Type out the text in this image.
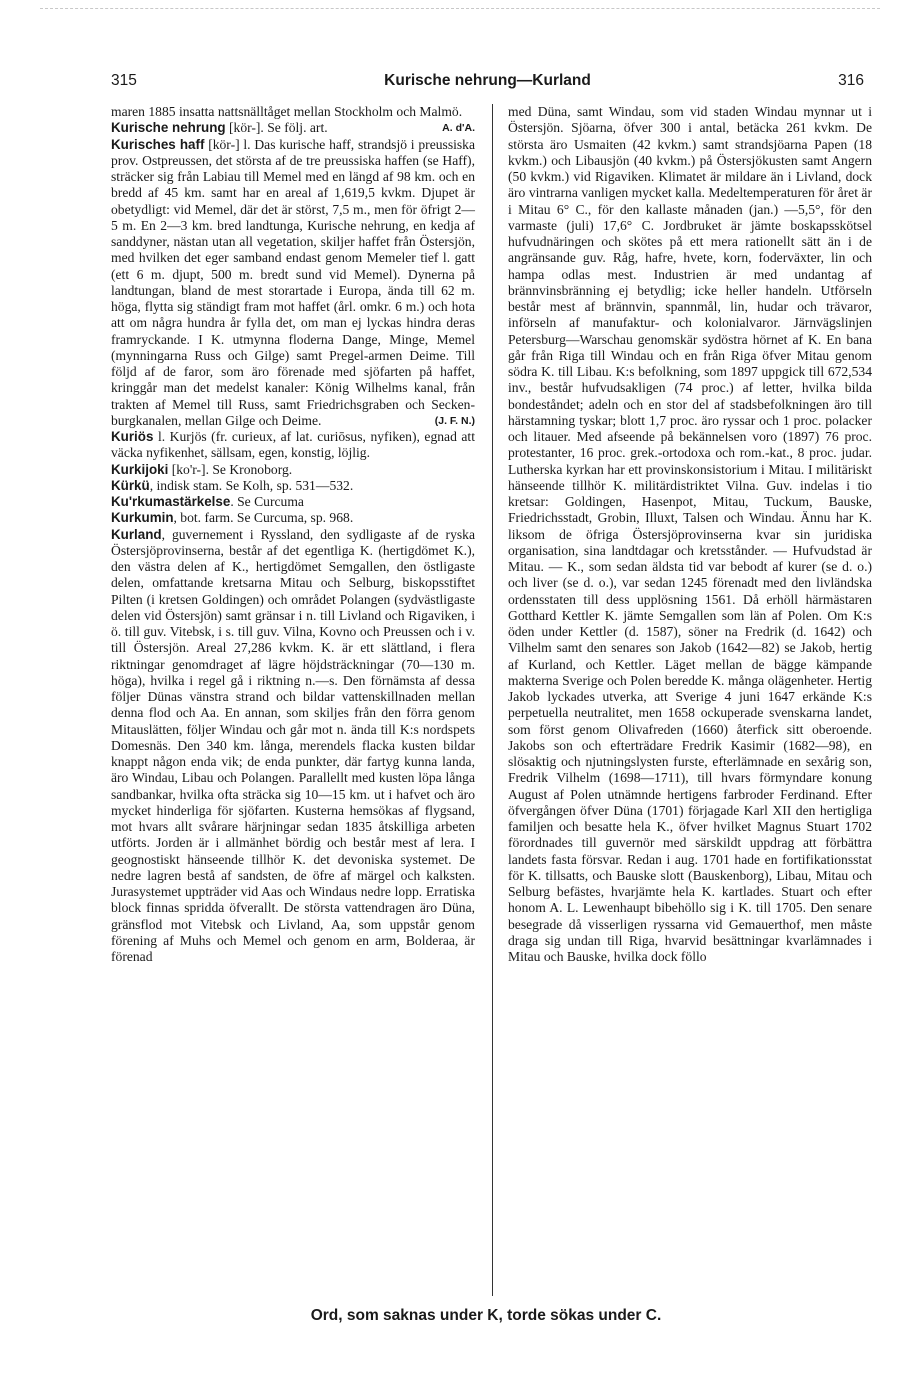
315	Kurische nehrung—Kurland	316

maren 1885 insatta nattsnälltåget mellan Stockholm och Malmö.
A. d'A.

Kurische nehrung [kör-]. Se följ. art.

Kurisches haff [kör-] l. Das kurische haff, strandsjö i preussiska prov. Ostpreussen, det största af de tre preussiska haffen (se Haff), sträcker sig från Labiau till Memel med en längd af 98 km. och en bredd af 45 km. samt har en areal af 1,619,5 kvkm. Djupet är obetydligt: vid Memel, där det är störst, 7,5 m., men för öfrigt 2—5 m. En 2—3 km. bred landtunga, Kurische nehrung, en kedja af sanddyner, nästan utan all vegetation, skiljer haffet från Östersjön, med hvilken det eger samband endast genom Memeler tief l. gatt (ett 6 m. djupt, 500 m. bredt sund vid Memel). Dynerna på landtungan, bland de mest storartade i Europa, ända till 62 m. höga, flytta sig ständigt fram mot haffet (årl. omkr. 6 m.) och hota att om några hundra år fylla det, om man ej lyckas hindra deras framryckande. I K. utmynna floderna Dange, Minge, Memel (mynningarna Russ och Gilge) samt Pregel-armen Deime. Till följd af de faror, som äro förenade med sjöfarten på haffet, kringgår man det medelst kanaler: König Wilhelms kanal, från trakten af Memel till Russ, samt Friedrichsgraben och Secken-burgkanalen, mellan Gilge och Deime.	(J. F. N.)

Kuriös l. Kurjös (fr. curieux, af lat. curiōsus, nyfiken), egnad att väcka nyfikenhet, sällsam, egen, konstig, löjlig.

Kurkijoki [ko'r-]. Se Kronoborg.

Kürkü, indisk stam. Se Kolh, sp. 531—532.

Ku'rkumastärkelse. Se Curcuma

Kurkumin, bot. farm. Se Curcuma, sp. 968.

Kurland, guvernement i Ryssland, den sydligaste af de ryska Östersjöprovinserna, består af det egentliga K. (hertigdömet K.), den västra delen af K., hertigdömet Semgallen, den östligaste delen, omfattande kretsarna Mitau och Selburg, biskopsstiftet Pilten (i kretsen Goldingen) och området Polangen (sydvästligaste delen vid Östersjön) samt gränsar i n. till Livland och Rigaviken, i ö. till guv. Vitebsk, i s. till guv. Vilna, Kovno och Preussen och i v. till Östersjön. Areal 27,286 kvkm. K. är ett slättland, i flera riktningar genomdraget af lägre höjdsträckningar (70—130 m. höga), hvilka i regel gå i riktning n.—s. Den förnämsta af dessa följer Dünas vänstra strand och bildar vattenskillnaden mellan denna flod och Aa. En annan, som skiljes från den förra genom Mitauslätten, följer Windau och går mot n. ända till K:s nordspets Domesnäs. Den 340 km. långa, merendels flacka kusten bildar knappt någon enda vik; de enda punkter, där fartyg kunna landa, äro Windau, Libau och Polangen. Parallellt med kusten löpa långa sandbankar, hvilka ofta sträcka sig 10—15 km. ut i hafvet och äro mycket hinderliga för sjöfarten. Kusterna hemsökas af flygsand, mot hvars allt svårare härjningar sedan 1835 åtskilliga arbeten utförts. Jorden är i allmänhet bördig och består mest af lera. I geognostiskt hänseende tillhör K. det devoniska systemet. De nedre lagren bestå af sandsten, de öfre af märgel och kalksten. Jurasystemet uppträder vid Aas och Windaus nedre lopp. Erratiska block finnas spridda öfverallt. De största vattendragen äro Düna, gränsflod mot Vitebsk och Livland, Aa, som uppstår genom förening af Muhs och Memel och genom en arm, Bolderaa, är förenad

med Düna, samt Windau, som vid staden Windau mynnar ut i Östersjön. Sjöarna, öfver 300 i antal, betäcka 261 kvkm. De största äro Usmaiten (42 kvkm.) samt strandsjöarna Papen (18 kvkm.) och Libausjön (40 kvkm.) på Östersjökusten samt Angern (50 kvkm.) vid Rigaviken. Klimatet är mildare än i Livland, dock äro vintrarna vanligen mycket kalla. Medeltemperaturen för året är i Mitau 6° C., för den kallaste månaden (jan.) —5,5°, för den varmaste (juli) 17,6° C. Jordbruket är jämte boskapsskötsel hufvudnäringen och skötes på ett mera rationellt sätt än i de angränsande guv. Råg, hafre, hvete, korn, foderväxter, lin och hampa odlas mest. Industrien är med undantag af brännvinsbränning ej betydlig; icke heller handeln. Utförseln består mest af brännvin, spannmål, lin, hudar och trävaror, införseln af manufaktur- och kolonialvaror. Järnvägslinjen Petersburg—Warschau genomskär sydöstra hörnet af K. En bana går från Riga till Windau och en från Riga öfver Mitau genom södra K. till Libau. K:s befolkning, som 1897 uppgick till 672,534 inv., består hufvudsakligen (74 proc.) af letter, hvilka bilda bondeståndet; adeln och en stor del af stadsbefolkningen äro till härstamning tyskar; blott 1,7 proc. äro ryssar och 1 proc. polacker och litauer. Med afseende på bekännelsen voro (1897) 76 proc. protestanter, 16 proc. grek.-ortodoxa och rom.-kat., 8 proc. judar. Lutherska kyrkan har ett provinskonsistorium i Mitau. I militäriskt hänseende tillhör K. militärdistriktet Vilna. Guv. indelas i tio kretsar: Goldingen, Hasenpot, Mitau, Tuckum, Bauske, Friedrichsstadt, Grobin, Illuxt, Talsen och Windau. Ännu har K. liksom de öfriga Östersjöprovinserna kvar sin juridiska organisation, sina landtdagar och kretsstånder. — Hufvudstad är Mitau. — K., som sedan äldsta tid var bebodt af kurer (se d. o.) och liver (se d. o.), var sedan 1245 förenadt med den livländska ordensstaten till dess upplösning 1561. Då erhöll härmästaren Gotthard Kettler K. jämte Semgallen som län af Polen. Om K:s öden under Kettler (d. 1587), söner na Fredrik (d. 1642) och Vilhelm samt den senares son Jakob (1642—82) se Jakob, hertig af Kurland, och Kettler. Läget mellan de bägge kämpande makterna Sverige och Polen beredde K. många olägenheter. Hertig Jakob lyckades utverka, att Sverige 4 juni 1647 erkände K:s perpetuella neutralitet, men 1658 ockuperade svenskarna landet, som först genom Olivafreden (1660) återfick sitt oberoende. Jakobs son och efterträdare Fredrik Kasimir (1682—98), en slösaktig och njutningslysten furste, efterlämnade en sexårig son, Fredrik Vilhelm (1698—1711), till hvars förmyndare konung August af Polen utnämnde hertigens farbroder Ferdinand. Efter öfvergången öfver Düna (1701) förjagade Karl XII den hertigliga familjen och besatte hela K., öfver hvilket Magnus Stuart 1702 förordnades till guvernör med särskildt uppdrag att förbättra landets fasta försvar. Redan i aug. 1701 hade en fortifikationsstat för K. tillsatts, och Bauske slott (Bauskenborg), Libau, Mitau och Selburg befästes, hvarjämte hela K. kartlades. Stuart och efter honom A. L. Lewenhaupt bibehöllo sig i K. till 1705. Den senare besegrade då visserligen ryssarna vid Gemauerthof, men måste draga sig undan till Riga, hvarvid besättningar kvarlämnades i Mitau och Bauske, hvilka dock föllo

Ord, som saknas under K, torde sökas under C.
